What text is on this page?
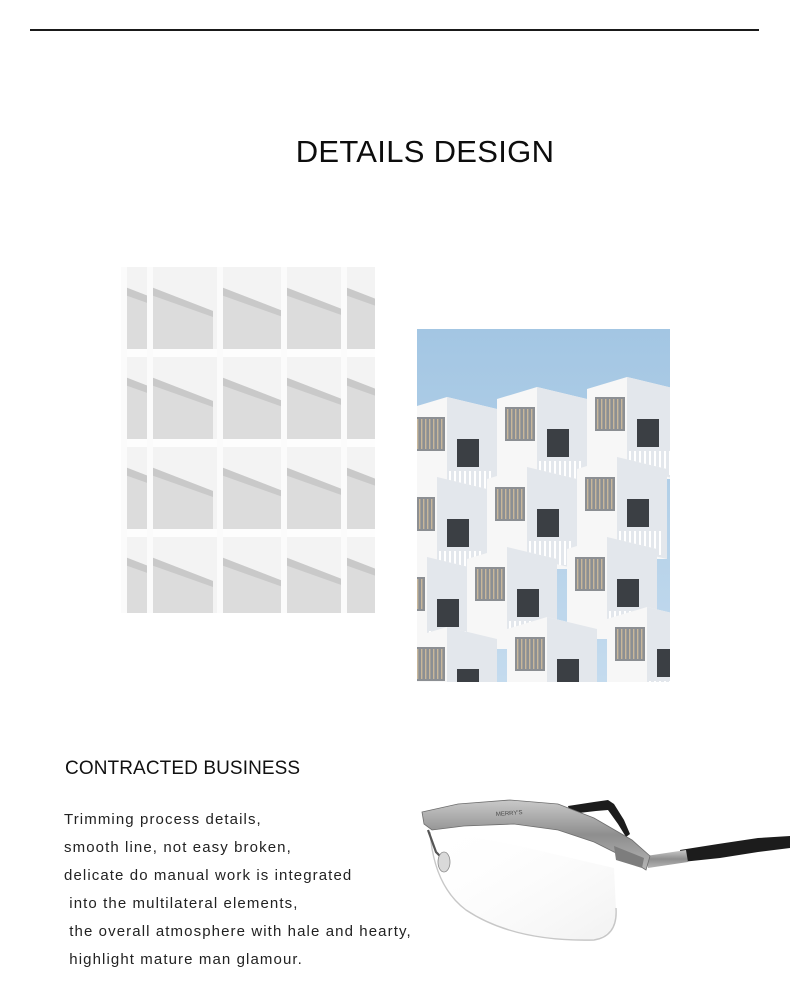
DETAILS DESIGN
CONTRACTED BUSINESS
Trimming process details,
smooth line, not easy broken,
delicate do manual work is integrated
into the multilateral elements,
the overall atmosphere with hale and hearty,
highlight mature man glamour.
MERRY'S
